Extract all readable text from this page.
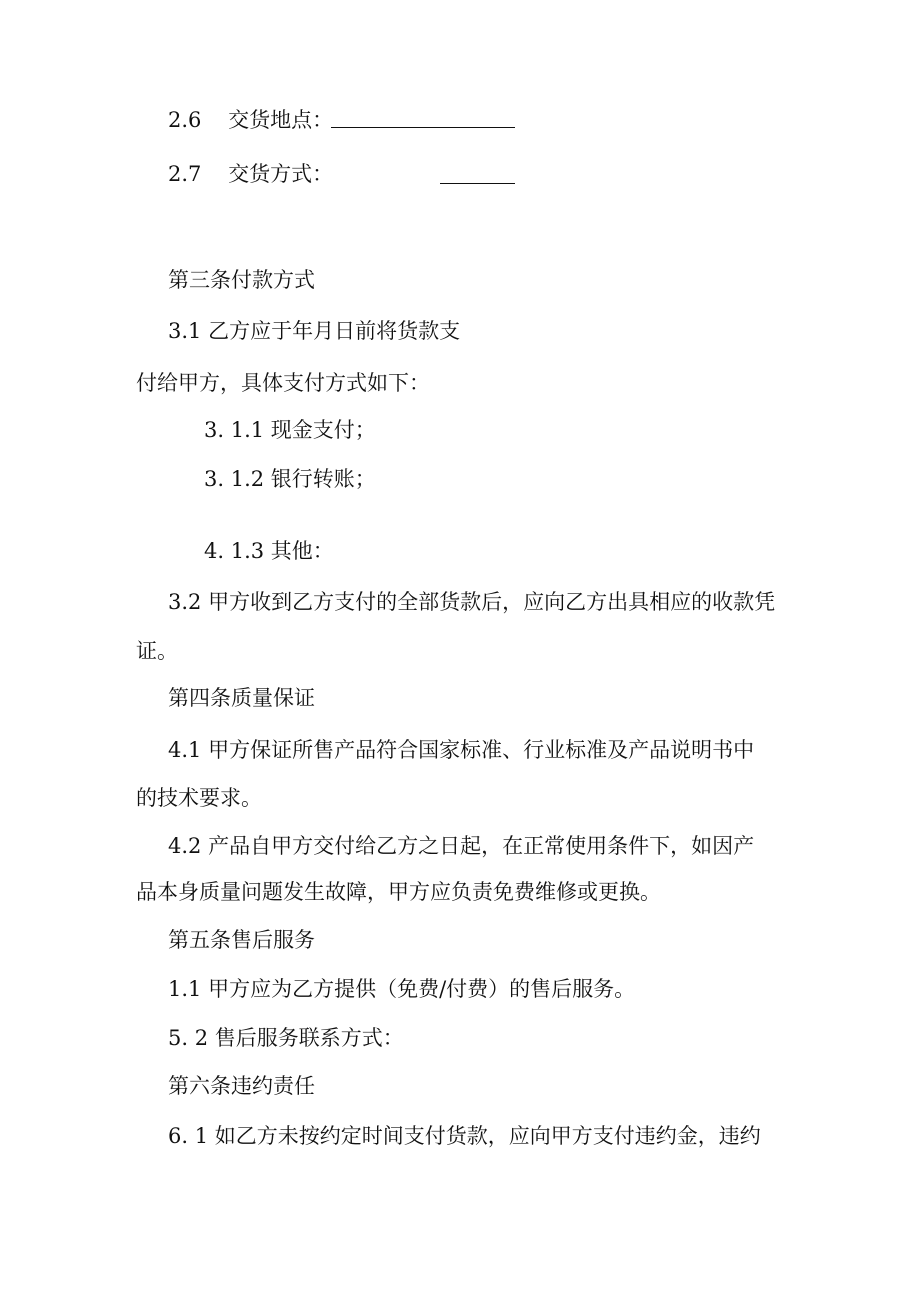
2.6 交货地点：
2.7 交货方式：
第三条付款方式
3.1 乙方应于年月日前将货款支
付给甲方，具体支付方式如下：
3. 1.1 现金支付；
3. 1.2 银行转账；
4. 1.3 其他：
3.2 甲方收到乙方支付的全部货款后，应向乙方出具相应的收款凭
证。
第四条质量保证
4.1 甲方保证所售产品符合国家标准、行业标准及产品说明书中
的技术要求。
4.2 产品自甲方交付给乙方之日起，在正常使用条件下，如因产
品本身质量问题发生故障，甲方应负责免费维修或更换。
第五条售后服务
1.1 甲方应为乙方提供（免费/付费）的售后服务。
5. 2 售后服务联系方式：
第六条违约责任
6. 1 如乙方未按约定时间支付货款，应向甲方支付违约金，违约
